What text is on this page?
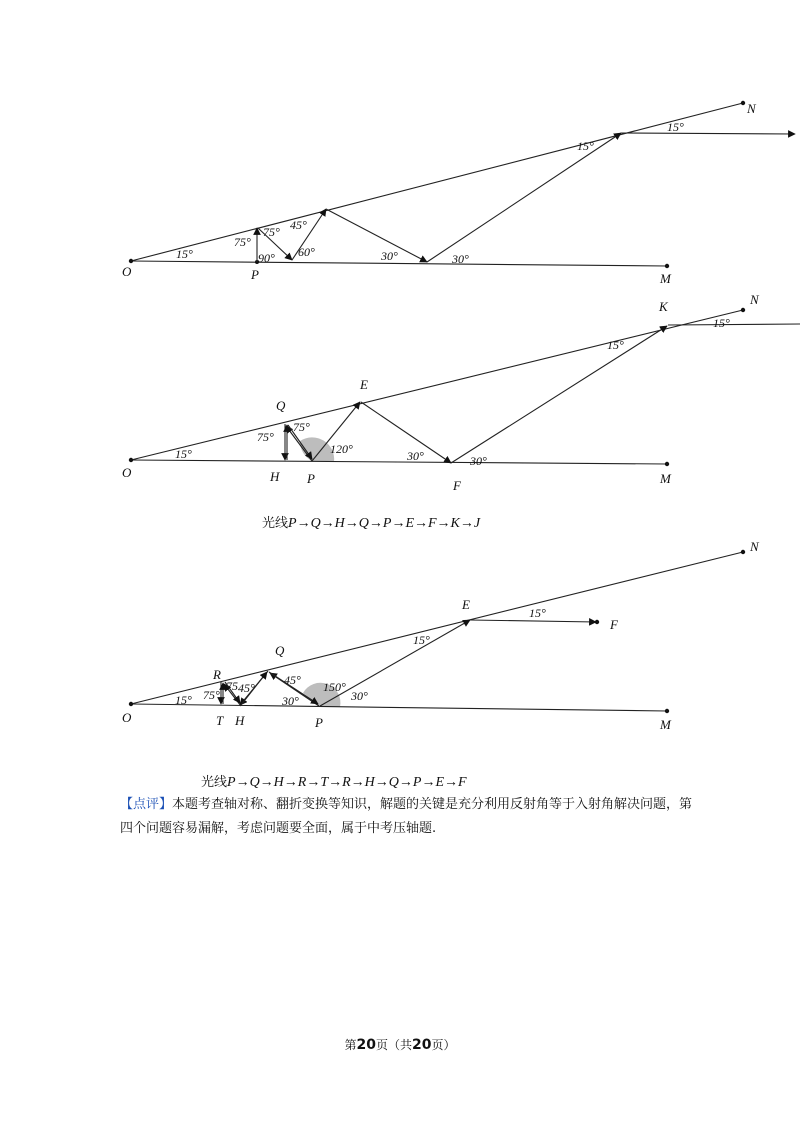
O	P	M
N
15°
75°
90°
75° 45°
60°	30°	30°
15°
15°
O	H P
Q
E
F	M
K	N
15°
75°
75°
120°	30°	30°
15°
15°
光线P→Q→H→Q→P→E→F→K→J
O	T H	P
R
Q
E
F
M
N
15° 75°
75 45°
45°
30°
150°
30°
15°
15°
光线P→Q→H→R→T→R→H→Q→P→E→F
【点评】本题考查轴对称、翻折变换等知识，解题的关键是充分利用反射角等于入射角解决问题，第四个问题容易漏解，考虑问题要全面，属于中考压轴题.
第20页（共20页）
